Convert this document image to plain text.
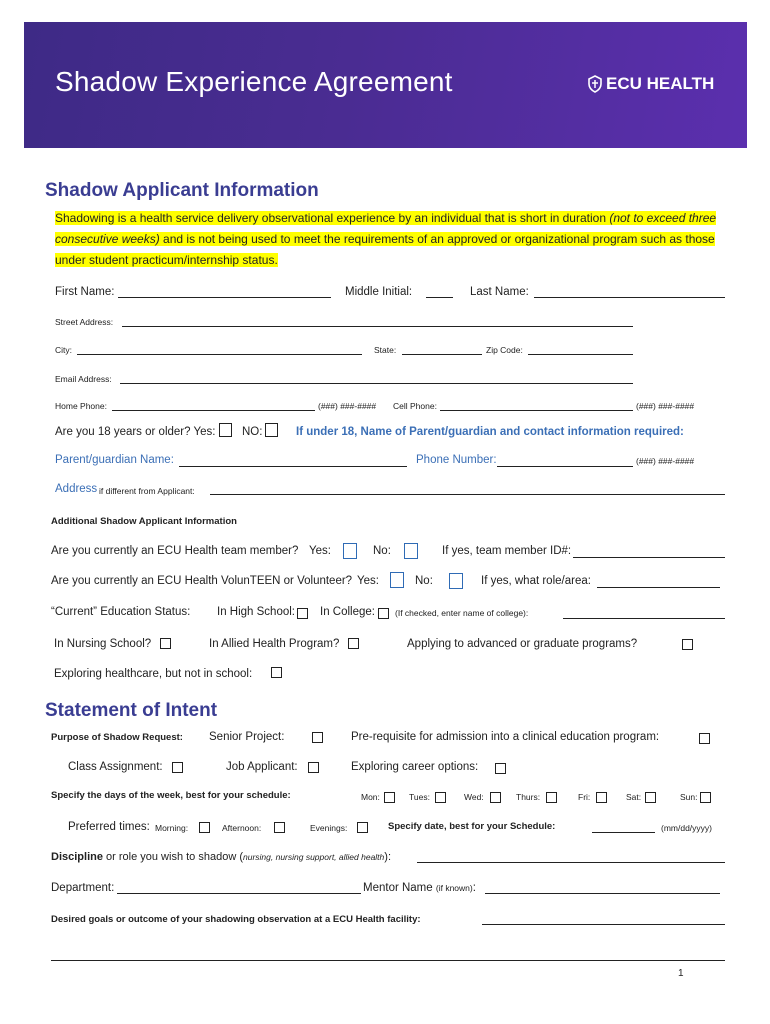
Shadow Experience Agreement	ECU HEALTH
Shadow Applicant Information
Shadowing is a health service delivery observational experience by an individual that is short in duration (not to exceed three consecutive weeks) and is not being used to meet the requirements of an approved or organizational program such as those under student practicum/internship status.
First Name:	Middle Initial:	Last Name:
Street Address:
City:	State:	Zip Code:
Email Address:
Home Phone:	(###) ###-#### Cell Phone:	(###) ###-####
Are you 18 years or older? Yes: NO:	If under 18, Name of Parent/guardian and contact information required:
Parent/guardian Name:	Phone Number:	(###) ###-####
Address if different from Applicant:
Additional Shadow Applicant Information
Are you currently an ECU Health team member? Yes:	No:	If yes, team member ID#:
Are you currently an ECU Health VolunTEEN or Volunteer? Yes:	No:	If yes, what role/area:
“Current” Education Status: In High School: In College: (If checked, enter name of college):
In Nursing School?	In Allied Health Program?	Applying to advanced or graduate programs?
Exploring healthcare, but not in school:
Statement of Intent
Purpose of Shadow Request: Senior Project:	Pre-requisite for admission into a clinical education program:
Class Assignment:	Job Applicant:	Exploring career options:
Specify the days of the week, best for your schedule:	Mon:	Tues:	Wed:	Thurs:	Fri:	Sat:	Sun:
Preferred times: Morning:	Afternoon:	Evenings:	Specify date, best for your Schedule:	(mm/dd/yyyy)
Discipline or role you wish to shadow (nursing, nursing support, allied health):
Department:	Mentor Name (if known):
Desired goals or outcome of your shadowing observation at a ECU Health facility:
1
